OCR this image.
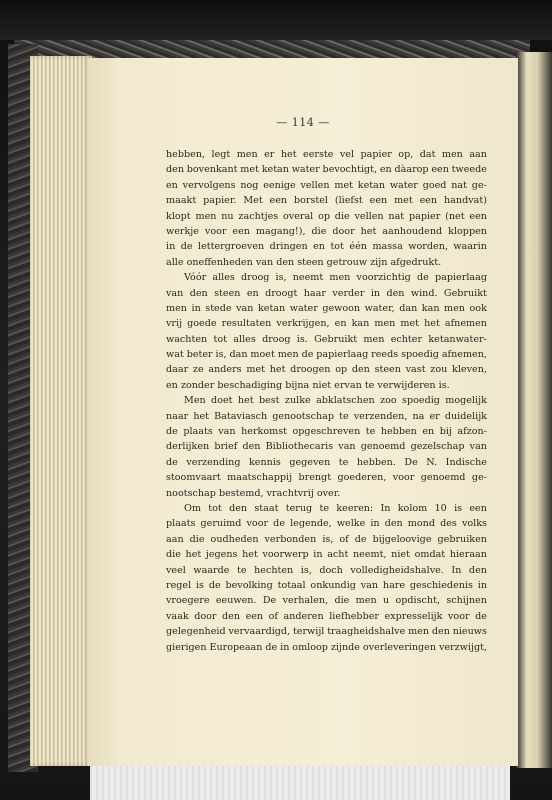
— 114 —
hebben, legt men er het eerste vel papier op, dat men aan
den bovenkant met ketan water bevochtigt, en dàarop een tweede
en vervolgens nog eenige vellen met ketan water goed nat ge-
maakt papier. Met een borstel (liefst een met een handvat)
klopt men nu zachtjes overal op die vellen nat papier (net een
werkje voor een magang!), die door het aanhoudend kloppen
in de lettergroeven dringen en tot één massa worden, waarin
alle oneffenheden van den steen getrouw zijn afgedrukt.
Vóór alles droog is, neemt men voorzichtig de papierlaag
van den steen en droogt haar verder in den wind. Gebruikt
men in stede van ketan water gewoon water, dan kan men ook
vrij goede resultaten verkrijgen, en kan men met het afnemen
wachten tot alles droog is. Gebruikt men echter ketanwater-
wat beter is, dan moet men de papierlaag reeds spoedig afnemen,
daar ze anders met het droogen op den steen vast zou kleven,
en zonder beschadiging bijna niet ervan te verwijderen is.
Men doet het best zulke abklatschen zoo spoedig mogelijk
naar het Bataviasch genootschap te verzenden, na er duidelijk
de plaats van herkomst opgeschreven te hebben en bij afzon-
derlijken brief den Bibliothecaris van genoemd gezelschap van
de verzending kennis gegeven te hebben. De N. Indische
stoomvaart maatschappij brengt goederen, voor genoemd ge-
nootschap bestemd, vrachtvrij over.
Om tot den staat terug te keeren: In kolom 10 is een
plaats geruimd voor de legende, welke in den mond des volks
aan die oudheden verbonden is, of de bijgeloovige gebruiken
die het jegens het voorwerp in acht neemt, niet omdat hieraan
veel waarde te hechten is, doch volledigheidshalve. In den
regel is de bevolking totaal onkundig van hare geschiedenis in
vroegere eeuwen. De verhalen, die men u opdischt, schijnen
vaak door den een of anderen liefhebber expresselijk voor de
gelegenheid vervaardigd, terwijl traagheidshalve men den nieuws
gierigen Europeaan de in omloop zijnde overleveringen verzwijgt,
